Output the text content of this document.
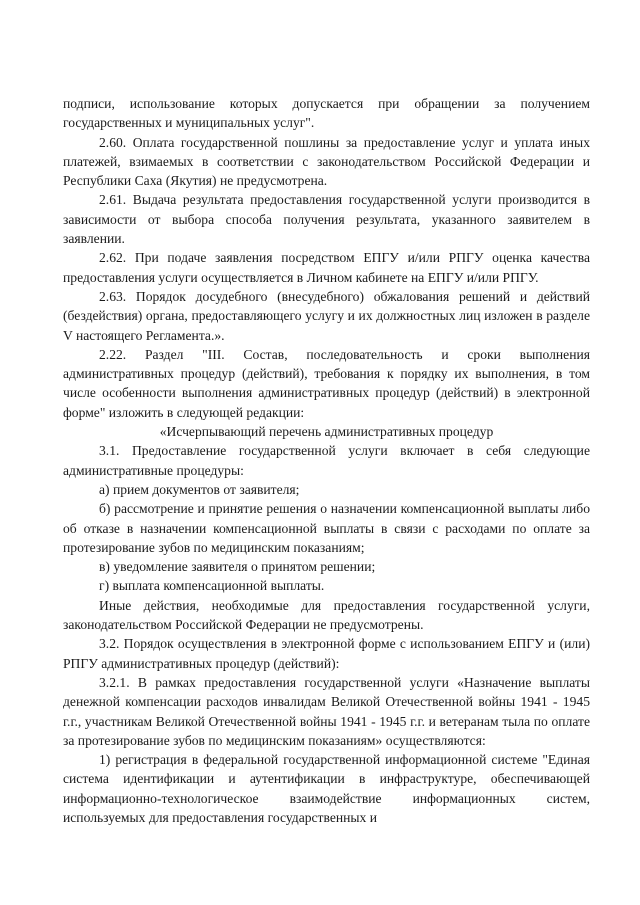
подписи, использование которых допускается при обращении за получением государственных и муниципальных услуг".

2.60. Оплата государственной пошлины за предоставление услуг и уплата иных платежей, взимаемых в соответствии с законодательством Российской Федерации и Республики Саха (Якутия) не предусмотрена.

2.61. Выдача результата предоставления государственной услуги производится в зависимости от выбора способа получения результата, указанного заявителем в заявлении.

2.62. При подаче заявления посредством ЕПГУ и/или РПГУ оценка качества предоставления услуги осуществляется в Личном кабинете на ЕПГУ и/или РПГУ.

2.63. Порядок досудебного (внесудебного) обжалования решений и действий (бездействия) органа, предоставляющего услугу и их должностных лиц изложен в разделе V настоящего Регламента.».

2.22. Раздел "III. Состав, последовательность и сроки выполнения административных процедур (действий), требования к порядку их выполнения, в том числе особенности выполнения административных процедур (действий) в электронной форме" изложить в следующей редакции:

«Исчерпывающий перечень административных процедур

3.1. Предоставление государственной услуги включает в себя следующие административные процедуры:

а) прием документов от заявителя;

б) рассмотрение и принятие решения о назначении компенсационной выплаты либо об отказе в назначении компенсационной выплаты в связи с расходами по оплате за протезирование зубов по медицинским показаниям;

в) уведомление заявителя о принятом решении;

г) выплата компенсационной выплаты.

Иные действия, необходимые для предоставления государственной услуги, законодательством Российской Федерации не предусмотрены.

3.2. Порядок осуществления в электронной форме с использованием ЕПГУ и (или) РПГУ административных процедур (действий):

3.2.1. В рамках предоставления государственной услуги «Назначение выплаты денежной компенсации расходов инвалидам Великой Отечественной войны 1941 - 1945 г.г., участникам Великой Отечественной войны 1941 - 1945 г.г. и ветеранам тыла по оплате за протезирование зубов по медицинским показаниям» осуществляются:

1) регистрация в федеральной государственной информационной системе "Единая система идентификации и аутентификации в инфраструктуре, обеспечивающей информационно-технологическое взаимодействие информационных систем, используемых для предоставления государственных и
